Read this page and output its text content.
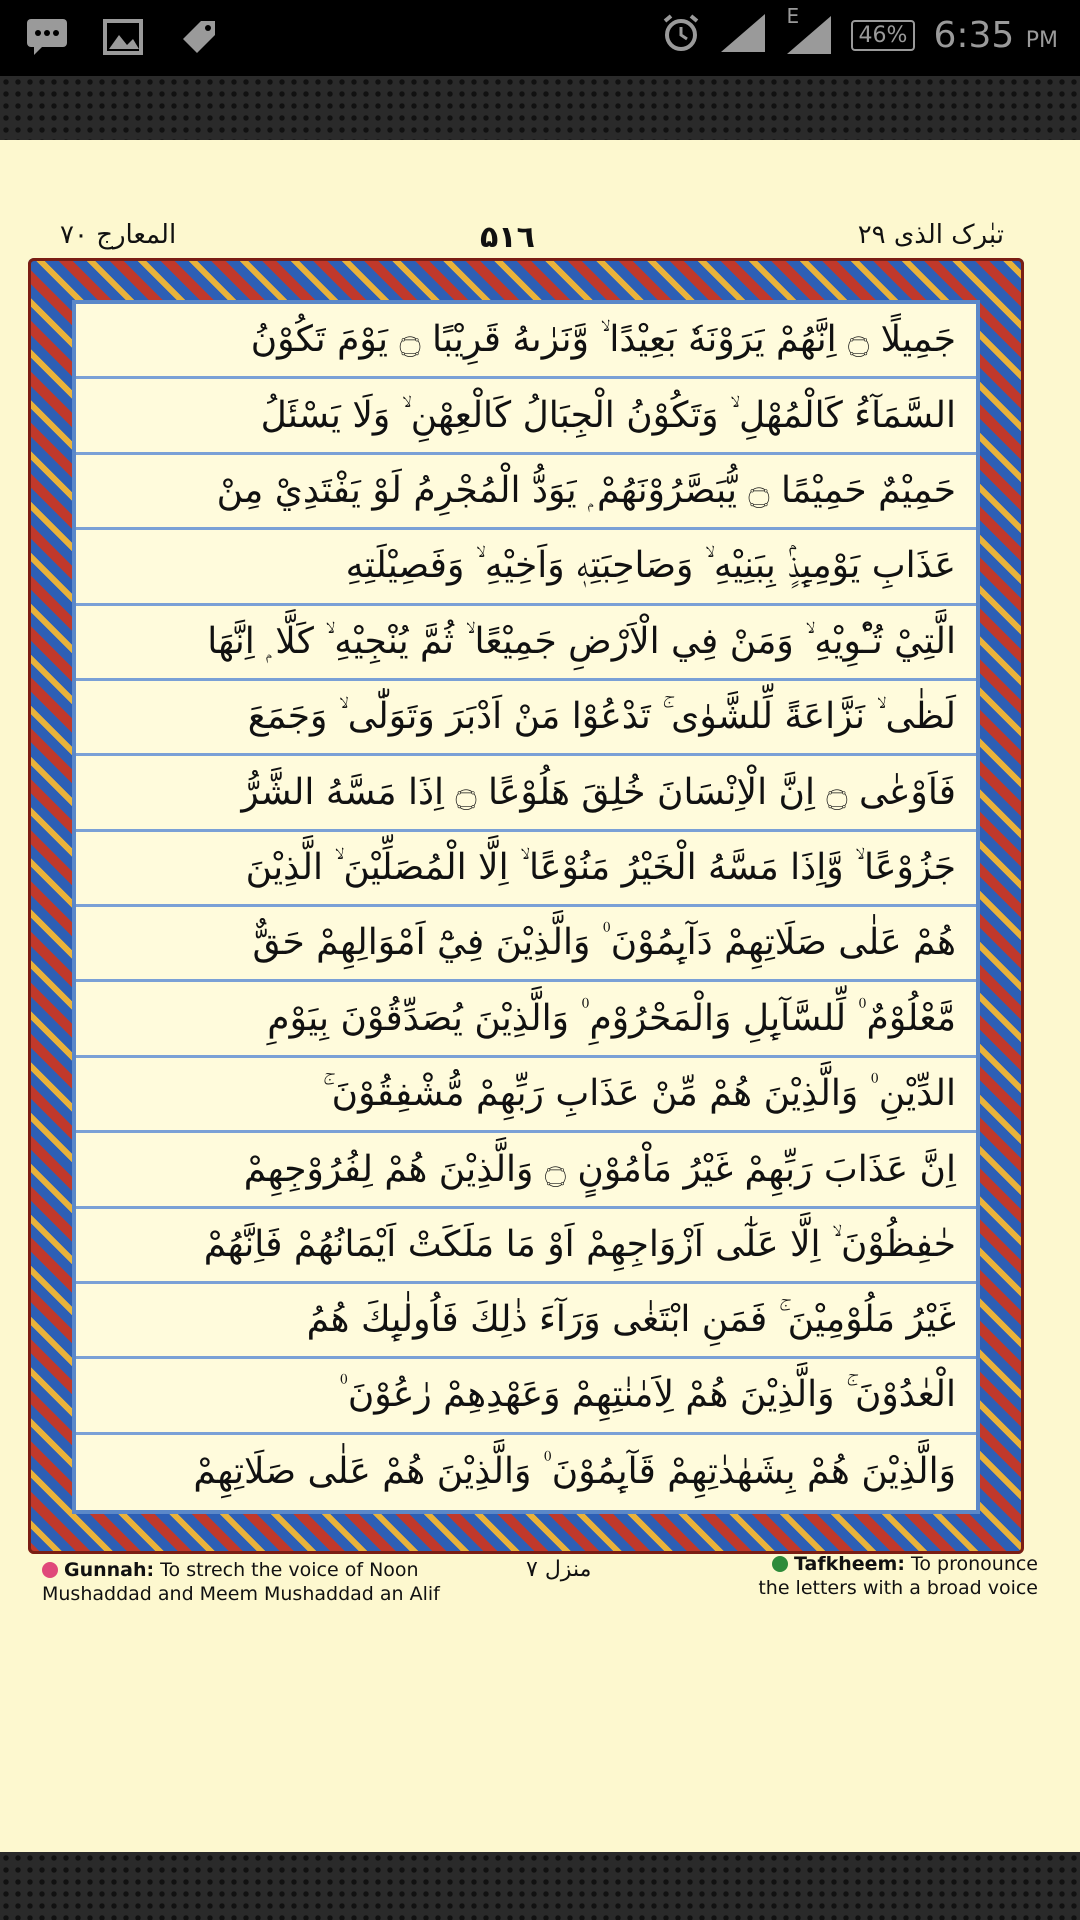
E
46% 6:35 PM
المعارج ۷۰	۵۱٦	تبٰرک الذی ۲۹
جَمِيلًا ۝ اِنَّهُمْ يَرَوْنَهٗ بَعِيْدًا ۙ وَّنَرٰىهُ قَرِيْبًا ۝ يَوْمَ تَكُوْنُ
السَّمَآءُ كَالْمُهْلِ ۙ وَتَكُوْنُ الْجِبَالُ كَالْعِهْنِ ۙ وَلَا يَسْئَلُ
حَمِيْمٌ حَمِيْمًا ۝ يُّبَصَّرُوْنَهُمْ ۭ يَوَدُّ الْمُجْرِمُ لَوْ يَفْتَدِيْ مِنْ
عَذَابِ يَوْمِىِٕذٍۢ بِبَنِيْهِ ۙ وَصَاحِبَتِهٖ وَاَخِيْهِ ۙ وَفَصِيْلَتِهِ
الَّتِيْ تُـْٔوِيْهِ ۙ وَمَنْ فِي الْاَرْضِ جَمِيْعًا ۙ ثُمَّ يُنْجِيْهِ ۙ كَلَّا ۭ اِنَّهَا
لَظٰى ۙ نَزَّاعَةً لِّلشَّوٰى ۚ تَدْعُوْا مَنْ اَدْبَرَ وَتَوَلّٰى ۙ وَجَمَعَ
فَاَوْعٰى ۝ اِنَّ الْاِنْسَانَ خُلِقَ هَلُوْعًا ۝ اِذَا مَسَّهُ الشَّرُّ
جَزُوْعًا ۙ وَّاِذَا مَسَّهُ الْخَيْرُ مَنُوْعًا ۙ اِلَّا الْمُصَلِّيْنَ ۙ الَّذِيْنَ
هُمْ عَلٰى صَلَاتِهِمْ دَآىِٕمُوْنَ ۠ وَالَّذِيْنَ فِيْٓ اَمْوَالِهِمْ حَقٌّ
مَّعْلُوْمٌ ۠ لِّلسَّآىِٕلِ وَالْمَحْرُوْمِ ۠ وَالَّذِيْنَ يُصَدِّقُوْنَ بِيَوْمِ
الدِّيْنِ ۠ وَالَّذِيْنَ هُمْ مِّنْ عَذَابِ رَبِّهِمْ مُّشْفِقُوْنَ ۚ
اِنَّ عَذَابَ رَبِّهِمْ غَيْرُ مَاْمُوْنٍ ۝ وَالَّذِيْنَ هُمْ لِفُرُوْجِهِمْ
حٰفِظُوْنَ ۙ اِلَّا عَلٰٓى اَزْوَاجِهِمْ اَوْ مَا مَلَكَتْ اَيْمَانُهُمْ فَاِنَّهُمْ
غَيْرُ مَلُوْمِيْنَ ۚ فَمَنِ ابْتَغٰى وَرَآءَ ذٰلِكَ فَاُولٰىِٕكَ هُمُ
الْعٰدُوْنَ ۚ وَالَّذِيْنَ هُمْ لِاَمٰنٰتِهِمْ وَعَهْدِهِمْ رٰعُوْنَ ۠
وَالَّذِيْنَ هُمْ بِشَهٰدٰتِهِمْ قَآىِٕمُوْنَ ۠ وَالَّذِيْنَ هُمْ عَلٰى صَلَاتِهِمْ
Gunnah: To strech the voice of Noon Mushaddad and Meem Mushaddad an Alif
منزل ۷	Tafkheem: To pronounce the letters with a broad voice
